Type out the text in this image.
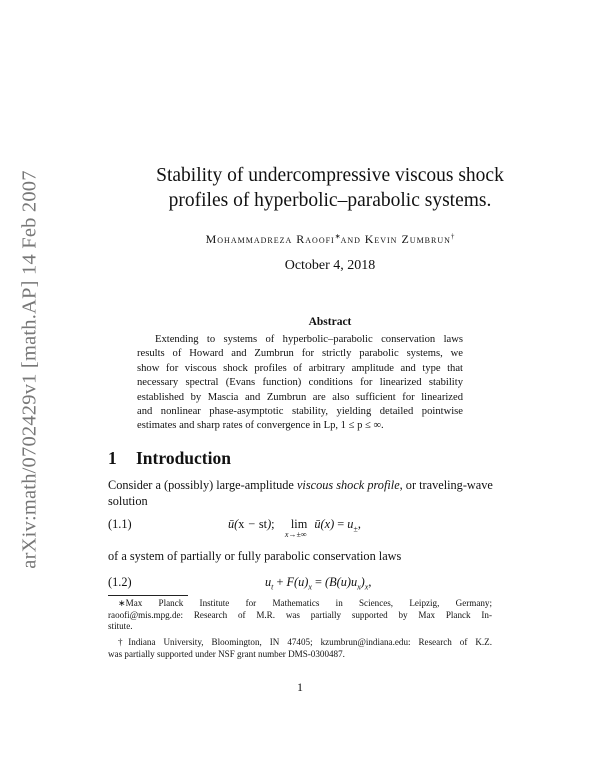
arXiv:math/0702429v1 [math.AP] 14 Feb 2007	Stability of undercompressive viscous shock
profiles of hyperbolic–parabolic systems.
Mohammadreza Raoofi∗and Kevin Zumbrun†
October 4, 2018
Abstract
Extending to systems of hyperbolic–parabolic conservation laws
results of Howard and Zumbrun for strictly parabolic systems, we
show for viscous shock profiles of arbitrary amplitude and type that
necessary spectral (Evans function) conditions for linearized stability
established by Mascia and Zumbrun are also sufficient for linearized
and nonlinear phase-asymptotic stability, yielding detailed pointwise
estimates and sharp rates of convergence in Lp, 1 ≤ p ≤ ∞.
1 Introduction
Consider a (possibly) large-amplitude viscous shock profile, or traveling-wave
solution
(1.1)	ū(x − st); lim
x→±∞
ū(x) = $u_\pm$,
of a system of partially or fully parabolic conservation laws
(1.2)	$u_t + F(u)_x = (B(u)u_x)_x$,
∗Max Planck Institute for Mathematics in Sciences, Leipzig, Germany;
raoofi@mis.mpg.de: Research of M.R. was partially supported by Max Planck In-
stitute.
†Indiana University, Bloomington, IN 47405; kzumbrun@indiana.edu: Research of K.Z.
was partially supported under NSF grant number DMS-0300487.
1
